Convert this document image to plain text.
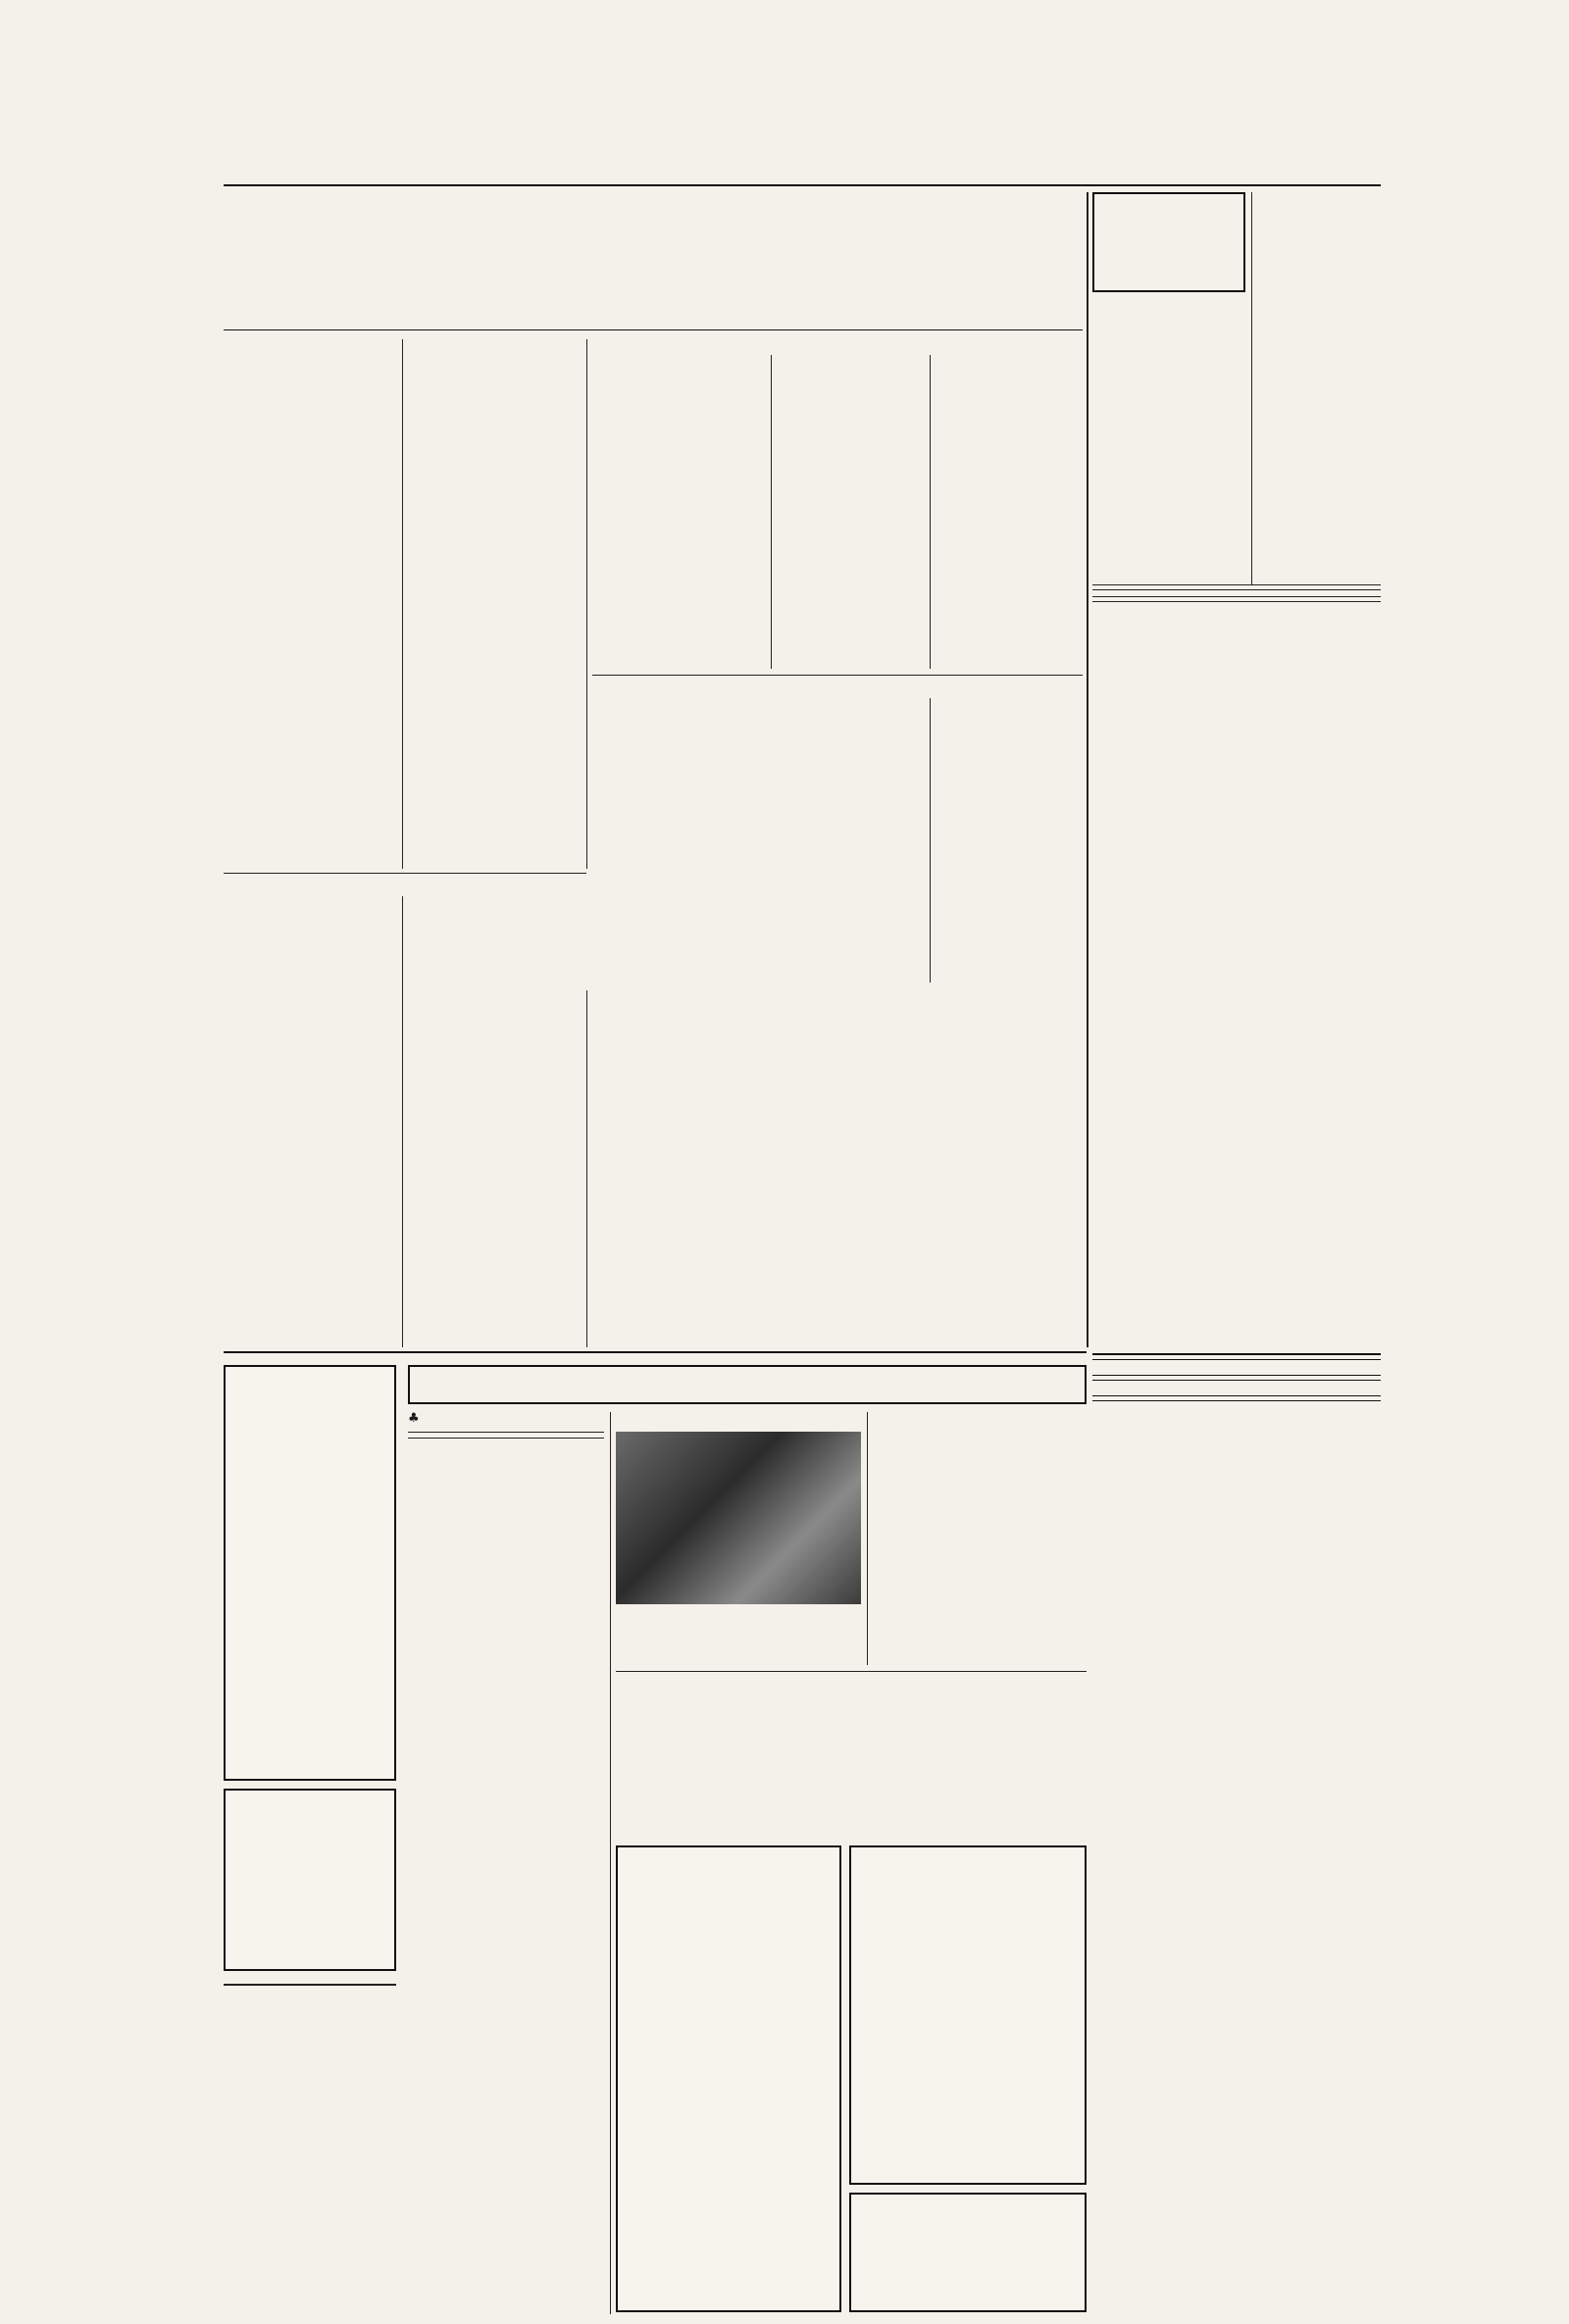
♣
